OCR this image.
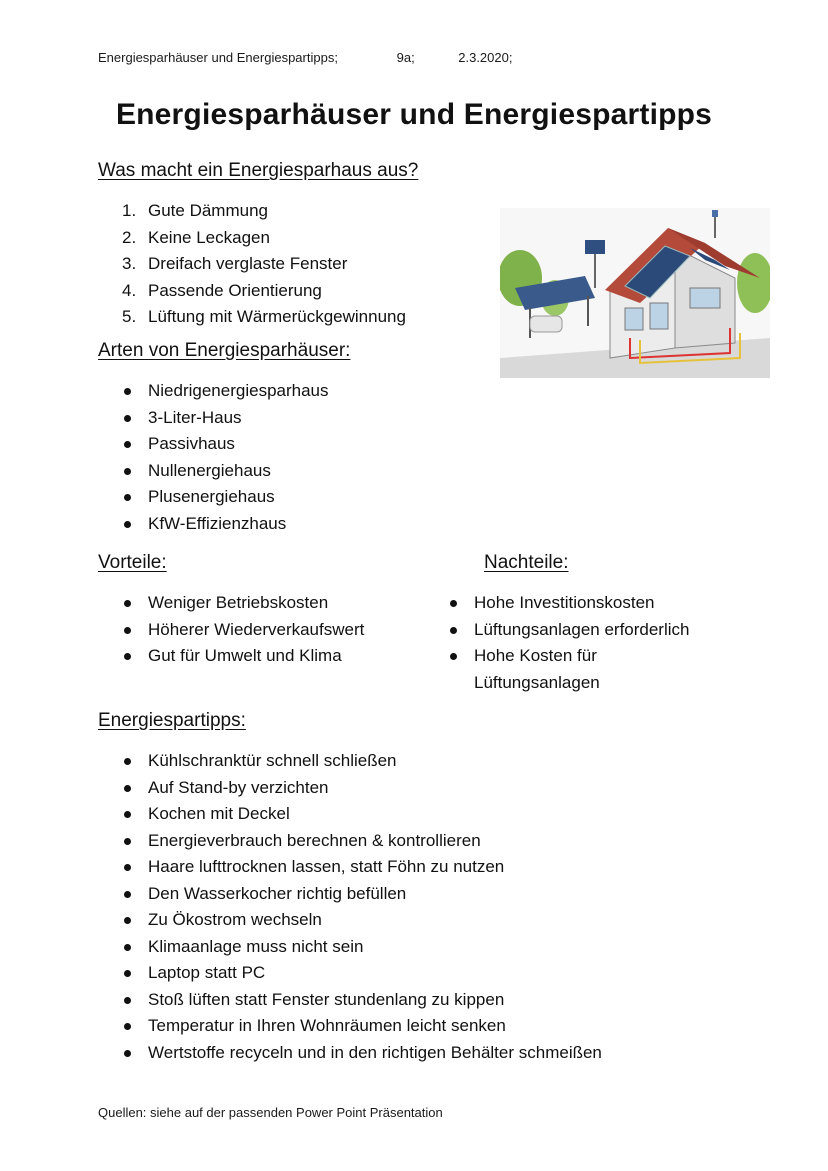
Energiesparhäuser und Energiespartipps;	9a;	2.3.2020;
Energiesparhäuser und Energiespartipps
Was macht ein Energiesparhaus aus?
1. Gute Dämmung
2. Keine Leckagen
3. Dreifach verglaste Fenster
4. Passende Orientierung
5. Lüftung mit Wärmerückgewinnung
Arten von Energiesparhäuser:
Niedrigenergiesparhaus
3-Liter-Haus
Passivhaus
Nullenergiehaus
Plusenergiehaus
KfW-Effizienzhaus
Vorteile:
Weniger Betriebskosten
Höherer Wiederverkaufswert
Gut für Umwelt und Klima
Nachteile:
Hohe Investitionskosten
Lüftungsanlagen erforderlich
Hohe Kosten für Lüftungsanlagen
Energiespartipps:
Kühlschranktür schnell schließen
Auf Stand-by verzichten
Kochen mit Deckel
Energieverbrauch berechnen & kontrollieren
Haare lufttrocknen lassen, statt Föhn zu nutzen
Den Wasserkocher richtig befüllen
Zu Ökostrom wechseln
Klimaanlage muss nicht sein
Laptop statt PC
Stoß lüften statt Fenster stundenlang zu kippen
Temperatur in Ihren Wohnräumen leicht senken
Wertstoffe recyceln und in den richtigen Behälter schmeißen
Quellen: siehe auf der passenden Power Point Präsentation
